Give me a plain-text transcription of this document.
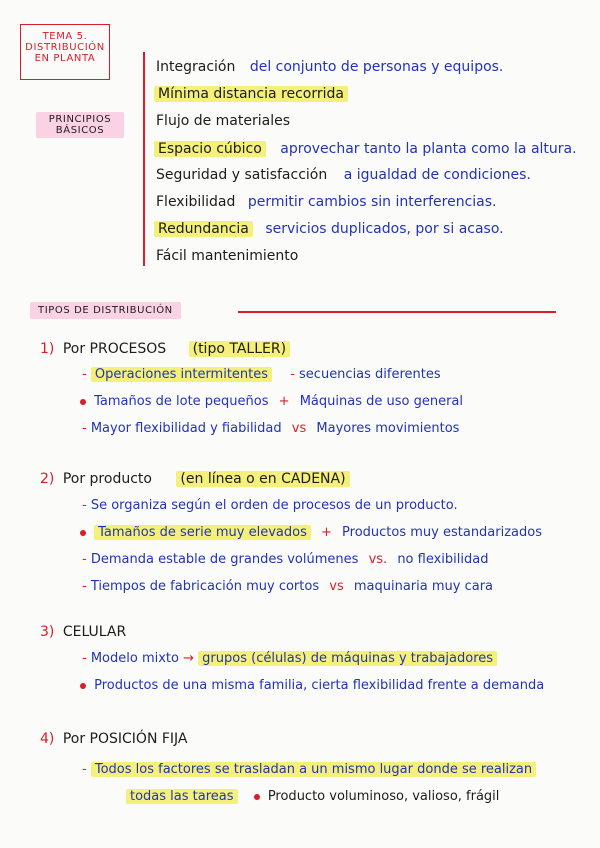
TEMA 5.
DISTRIBUCIÓN
EN PLANTA
PRINCIPIOS
BÁSICOS
Integración del conjunto de personas y equipos.
Mínima distancia recorrida
Flujo de materiales
Espacio cúbico aprovechar tanto la planta como la altura.
Seguridad y satisfacción a igualdad de condiciones.
Flexibilidad permitir cambios sin interferencias.
Redundancia servicios duplicados, por si acaso.
Fácil mantenimiento
TIPOS DE DISTRIBUCIÓN
1) Por PROCESOS (tipo TALLER)
- Operaciones intermitentes - secuencias diferentes
Tamaños de lote pequeños + Máquinas de uso general
- Mayor flexibilidad y fiabilidad vs Mayores movimientos
2) Por producto (en línea o en CADENA)
- Se organiza según el orden de procesos de un producto.
Tamaños de serie muy elevados + Productos muy estandarizados
- Demanda estable de grandes volúmenes vs. no flexibilidad
- Tiempos de fabricación muy cortos vs maquinaria muy cara
3) CELULAR
- Modelo mixto → grupos (células) de máquinas y trabajadores
Productos de una misma familia, cierta flexibilidad frente a demanda
4) Por POSICIÓN FIJA
- Todos los factores se trasladan a un mismo lugar donde se realizan
todas las tareas	Producto voluminoso, valioso, frágil
